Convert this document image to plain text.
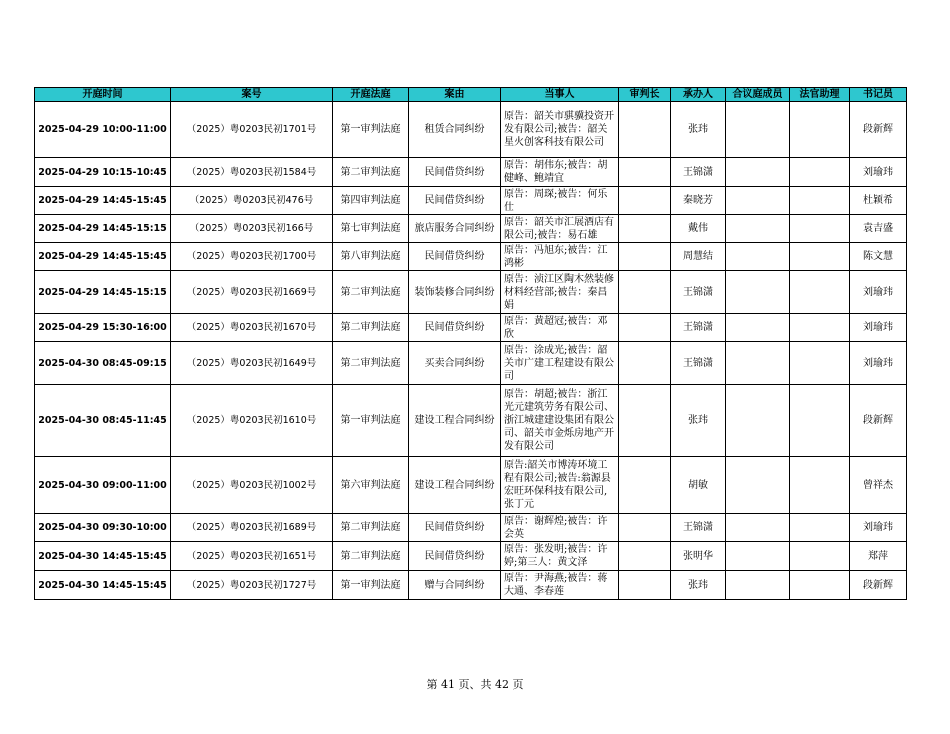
开庭时间	案号	开庭法庭	案由	当事人	审判长	承办人	合议庭成员	法官助理	书记员
2025-04-29 10:00-11:00	（2025）粤0203民初1701号	第一审判法庭	租赁合同纠纷	原告：韶关市骐骥投资开发有限公司;被告：韶关星火创客科技有限公司		张玮			段新辉
2025-04-29 10:15-10:45	（2025）粤0203民初1584号	第二审判法庭	民间借贷纠纷	原告：胡伟东;被告：胡健峰、鲍靖宜		王锦潇			刘瑜玮
2025-04-29 14:45-15:45	（2025）粤0203民初476号	第四审判法庭	民间借贷纠纷	原告：周琛;被告：何乐仕		秦晓芳			杜颖希
2025-04-29 14:45-15:15	（2025）粤0203民初166号	第七审判法庭	旅店服务合同纠纷	原告：韶关市汇展酒店有限公司;被告：易石雄		戴伟			袁吉盛
2025-04-29 14:45-15:45	（2025）粤0203民初1700号	第八审判法庭	民间借贷纠纷	原告：冯旭东;被告：江鸿彬		周慧结			陈文慧
2025-04-29 14:45-15:15	（2025）粤0203民初1669号	第二审判法庭	装饰装修合同纠纷	原告：浈江区陶木然装修材料经营部;被告：秦昌娟		王锦潇			刘瑜玮
2025-04-29 15:30-16:00	（2025）粤0203民初1670号	第二审判法庭	民间借贷纠纷	原告：黄超冠;被告：邓欣		王锦潇			刘瑜玮
2025-04-30 08:45-09:15	（2025）粤0203民初1649号	第二审判法庭	买卖合同纠纷	原告：涂成光;被告：韶关市广建工程建设有限公司		王锦潇			刘瑜玮
2025-04-30 08:45-11:45	（2025）粤0203民初1610号	第一审判法庭	建设工程合同纠纷	原告：胡超;被告：浙江光元建筑劳务有限公司、浙江城建建设集团有限公司、韶关市金烁房地产开发有限公司		张玮			段新辉
2025-04-30 09:00-11:00	（2025）粤0203民初1002号	第六审判法庭	建设工程合同纠纷	原告:韶关市博涛环境工程有限公司;被告:翁源县宏旺环保科技有限公司,张丁元		胡敏			曾祥杰
2025-04-30 09:30-10:00	（2025）粤0203民初1689号	第二审判法庭	民间借贷纠纷	原告：谢辉煌;被告：许会英		王锦潇			刘瑜玮
2025-04-30 14:45-15:45	（2025）粤0203民初1651号	第二审判法庭	民间借贷纠纷	原告：张发明;被告：许婷;第三人：黄文泽		张明华			郑萍
2025-04-30 14:45-15:45	（2025）粤0203民初1727号	第一审判法庭	赠与合同纠纷	原告：尹海燕;被告：蒋大通、李春莲		张玮			段新辉
第 41 页、共 42 页
